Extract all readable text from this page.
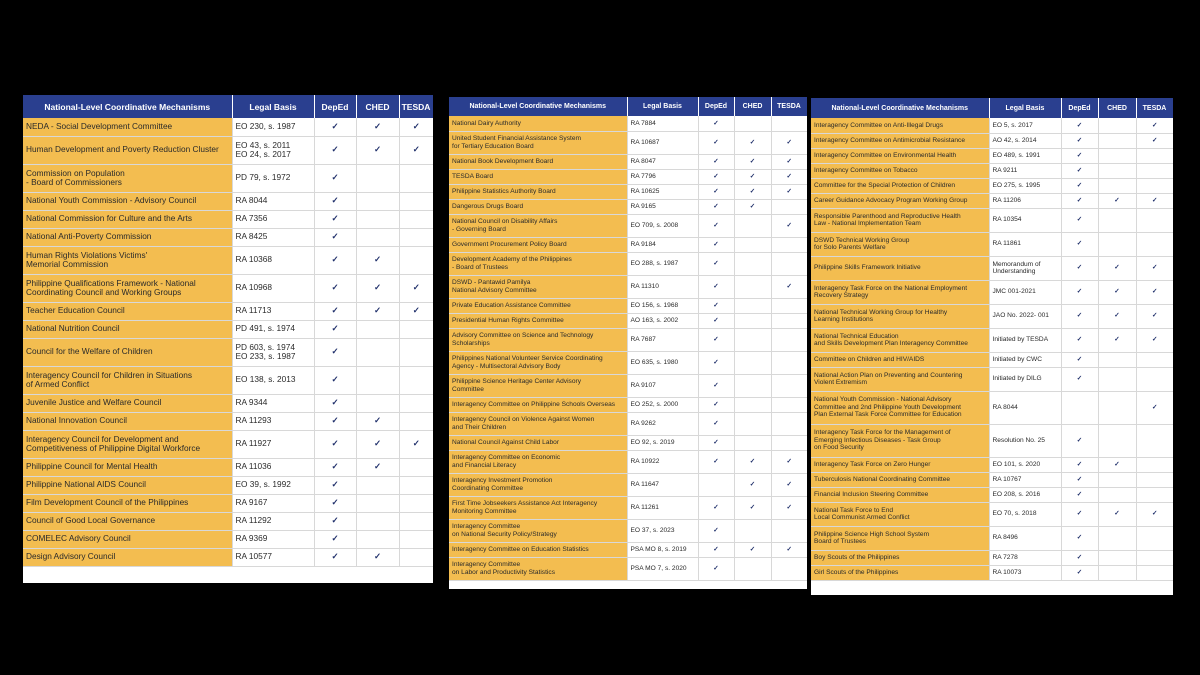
National-Level Coordinative Mechanisms	Legal Basis	DepEd	CHED	TESDA
NEDA - Social Development Committee	EO 230, s. 1987	✓	✓	✓
Human Development and Poverty Reduction Cluster	EO 43, s. 2011
EO 24, s. 2017	✓	✓	✓
Commission on Population
- Board of Commissioners	PD 79, s. 1972	✓		
National Youth Commission - Advisory Council	RA 8044	✓		
National Commission for Culture and the Arts	RA 7356	✓		
National Anti-Poverty Commission	RA 8425	✓		
Human Rights Violations Victims'
Memorial Commission	RA 10368	✓	✓	
Philippine Qualifications Framework - National
Coordinating Council and Working Groups	RA 10968	✓	✓	✓
Teacher Education Council	RA 11713	✓	✓	✓
National Nutrition Council	PD 491, s. 1974	✓		
Council for the Welfare of Children	PD 603, s. 1974
EO 233, s. 1987	✓		
Interagency Council for Children in Situations
of Armed Conflict	EO 138, s. 2013	✓		
Juvenile Justice and Welfare Council	RA 9344	✓		
National Innovation Council	RA 11293	✓	✓	
Interagency Council for Development and
Competitiveness of Philippine Digital Workforce	RA 11927	✓	✓	✓
Philippine Council for Mental Health	RA 11036	✓	✓	
Philippine National AIDS Council	EO 39, s. 1992	✓		
Film Development Council of the Philippines	RA 9167	✓		
Council of Good Local Governance	RA 11292	✓		
COMELEC Advisory Council	RA 9369	✓		
Design Advisory Council	RA 10577	✓	✓	
National-Level Coordinative Mechanisms	Legal Basis	DepEd	CHED	TESDA
National Dairy Authority	RA 7884	✓		
United Student Financial Assistance System
for Tertiary Education Board	RA 10687	✓	✓	✓
National Book Development Board	RA 8047	✓	✓	✓
TESDA Board	RA 7796	✓	✓	✓
Philippine Statistics Authority Board	RA 10625	✓	✓	✓
Dangerous Drugs Board	RA 9165	✓	✓	
National Council on Disability Affairs
- Governing Board	EO 709, s. 2008	✓		✓
Government Procurement Policy Board	RA 9184	✓		
Development Academy of the Philippines
- Board of Trustees	EO 288, s. 1987	✓		
DSWD - Pantawid Pamilya
National Advisory Committee	RA 11310	✓		✓
Private Education Assistance Committee	EO 156, s. 1968	✓		
Presidential Human Rights Committee	AO 163, s. 2002	✓		
Advisory Committee on Science and Technology
Scholarships	RA 7687	✓		
Philippines National Volunteer Service Coordinating
Agency - Multisectoral Advisory Body	EO 635, s. 1980	✓		
Philippine Science Heritage Center Advisory
Committee	RA 9107	✓		
Interagency Committee on Philippine Schools Overseas	EO 252, s. 2000	✓		
Interagency Council on Violence Against Women
and Their Children	RA 9262	✓		
National Council Against Child Labor	EO 92, s. 2019	✓		
Interagency Committee on Economic
and Financial Literacy	RA 10922	✓	✓	✓
Interagency Investment Promotion
Coordinating Committee	RA 11647		✓	✓
First Time Jobseekers Assistance Act Interagency
Monitoring Committee	RA 11261	✓	✓	✓
Interagency Committee
on National Security Policy/Strategy	EO 37, s. 2023	✓		
Interagency Committee on Education Statistics	PSA MO 8, s. 2019	✓	✓	✓
Interagency Committee
on Labor and Productivity Statistics	PSA MO 7, s. 2020	✓		
National-Level Coordinative Mechanisms	Legal Basis	DepEd	CHED	TESDA
Interagency Committee on Anti-Illegal Drugs	EO 5, s. 2017	✓		✓
Interagency Committee on Antimicrobial Resistance	AO 42, s. 2014	✓		✓
Interagency Committee on Environmental Health	EO 489, s. 1991	✓		
Interagency Committee on Tobacco	RA 9211	✓		
Committee for the Special Protection of Children	EO 275, s. 1995	✓		
Career Guidance Advocacy Program Working Group	RA 11206	✓	✓	✓
Responsible Parenthood and Reproductive Health
Law - National Implementation Team	RA 10354	✓		
DSWD Technical Working Group
for Solo Parents Welfare	RA 11861	✓		
Philippine Skills Framework Initiative	Memorandum of
Understanding	✓	✓	✓
Interagency Task Force on the National Employment
Recovery Strategy	JMC 001-2021	✓	✓	✓
National Technical Working Group for Healthy
Learning Institutions	JAO No. 2022- 001	✓	✓	✓
National Technical Education
and Skills Development Plan Interagency Committee	Initiated by TESDA	✓	✓	✓
Committee on Children and HIV/AIDS	Initiated by CWC	✓		
National Action Plan on Preventing and Countering
Violent Extremism	Initiated by DILG	✓		
National Youth Commission - National Advisory
Committee and 2nd Philippine Youth Development
Plan External Task Force Committee for Education	RA 8044			✓
Interagency Task Force for the Management of
Emerging Infectious Diseases - Task Group
on Food Security	Resolution No. 25	✓		
Interagency Task Force on Zero Hunger	EO 101, s. 2020	✓	✓	
Tuberculosis National Coordinating Committee	RA 10767	✓		
Financial Inclusion Steering Committee	EO 208, s. 2016	✓		
National Task Force to End
Local Communist Armed Conflict	EO 70, s. 2018	✓	✓	✓
Philippine Science High School System
Board of Trustees	RA 8496	✓		
Boy Scouts of the Philippines	RA 7278	✓		
Girl Scouts of the Philippines	RA 10073	✓		
